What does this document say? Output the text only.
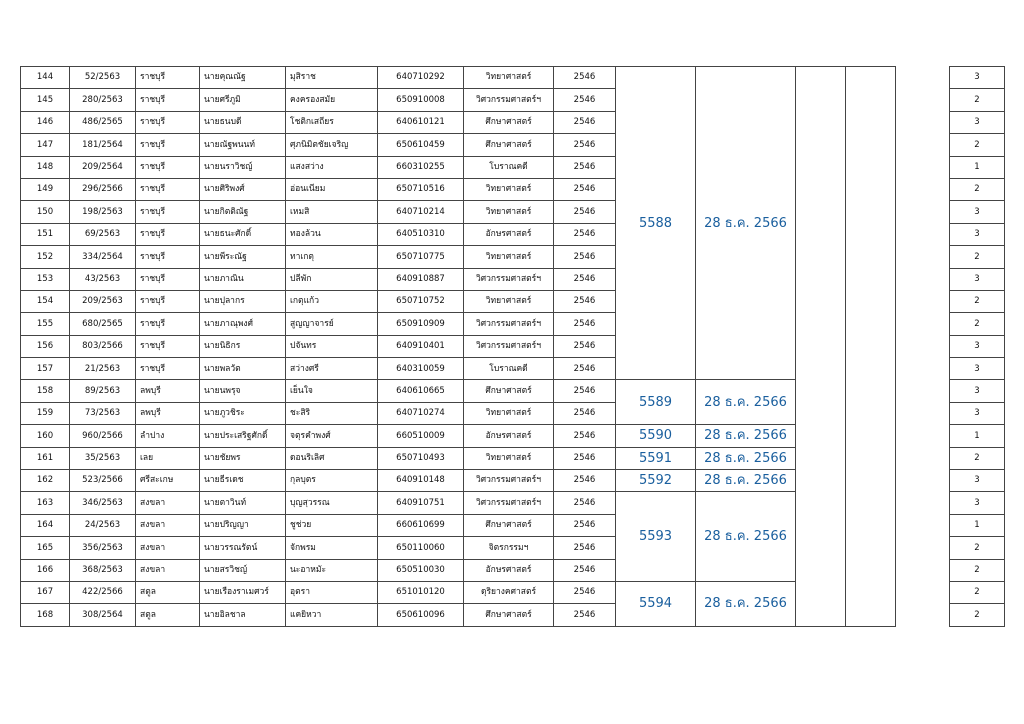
144	52/2563	ราชบุรี	นายคุณณัฐ	มุสิราช	640710292	วิทยาศาสตร์	2546	5588	28 ธ.ค. 2566				3
145	280/2563	ราชบุรี	นายศรีภูมิ	คงครองสมัย	650910008	วิศวกรรมศาสตร์ฯ	2546						2
146	486/2565	ราชบุรี	นายธนบดี	โชติกเสถียร	640610121	ศึกษาศาสตร์	2546						3
147	181/2564	ราชบุรี	นายณัฐพนนท์	ศุภนิมิตชัยเจริญ	650610459	ศึกษาศาสตร์	2546						2
148	209/2564	ราชบุรี	นายนราวิชญ์	แสงสว่าง	660310255	โบราณคดี	2546						1
149	296/2566	ราชบุรี	นายศิริพงศ์	อ่อนเนียม	650710516	วิทยาศาสตร์	2546						2
150	198/2563	ราชบุรี	นายกิตติณัฐ	เหมสิ	640710214	วิทยาศาสตร์	2546						3
151	69/2563	ราชบุรี	นายธนะศักดิ์	ทองล้วน	640510310	อักษรศาสตร์	2546						3
152	334/2564	ราชบุรี	นายพีระณัฐ	ทาเกตุ	650710775	วิทยาศาสตร์	2546						2
153	43/2563	ราชบุรี	นายภาณิน	ปลีพัก	640910887	วิศวกรรมศาสตร์ฯ	2546						3
154	209/2563	ราชบุรี	นายปุลากร	เกตุแก้ว	650710752	วิทยาศาสตร์	2546						2
155	680/2565	ราชบุรี	นายภาณุพงศ์	สูญญาจารย์	650910909	วิศวกรรมศาสตร์ฯ	2546						2
156	803/2566	ราชบุรี	นายนิธิกร	ปจันทร	640910401	วิศวกรรมศาสตร์ฯ	2546						3
157	21/2563	ราชบุรี	นายพลวัต	สว่างศรี	640310059	โบราณคดี	2546						3
158	89/2563	ลพบุรี	นายนพรุจ	เย็นใจ	640610665	ศึกษาศาสตร์	2546	5589	28 ธ.ค. 2566				3
159	73/2563	ลพบุรี	นายภูวชิระ	ชะสิริ	640710274	วิทยาศาสตร์	2546						3
160	960/2566	ลำปาง	นายประเสริฐศักดิ์	จตุรคำพงศ์	660510009	อักษรศาสตร์	2546	5590	28 ธ.ค. 2566				1
161	35/2563	เลย	นายชัยพร	ดอนริเลิศ	650710493	วิทยาศาสตร์	2546	5591	28 ธ.ค. 2566				2
162	523/2566	ศรีสะเกษ	นายธีรเดช	กุลบุตร	640910148	วิศวกรรมศาสตร์ฯ	2546	5592	28 ธ.ค. 2566				3
163	346/2563	สงขลา	นายตาวินท์	บุญสุวรรณ	640910751	วิศวกรรมศาสตร์ฯ	2546	5593	28 ธ.ค. 2566				3
164	24/2563	สงขลา	นายปริญญา	ชูช่วย	660610699	ศึกษาศาสตร์	2546						1
165	356/2563	สงขลา	นายวรรณรัตน์	จักพรม	650110060	จิตรกรรมฯ	2546						2
166	368/2563	สงขลา	นายสรวิชญ์	นะอาหมัะ	650510030	อักษรศาสตร์	2546						2
167	422/2566	สตูล	นายเรืองราเมศวร์	อุตรา	651010120	ดุริยางคศาสตร์	2546	5594	28 ธ.ค. 2566				2
168	308/2564	สตูล	นายอิลชาล	แคยิหวา	650610096	ศึกษาศาสตร์	2546						2
